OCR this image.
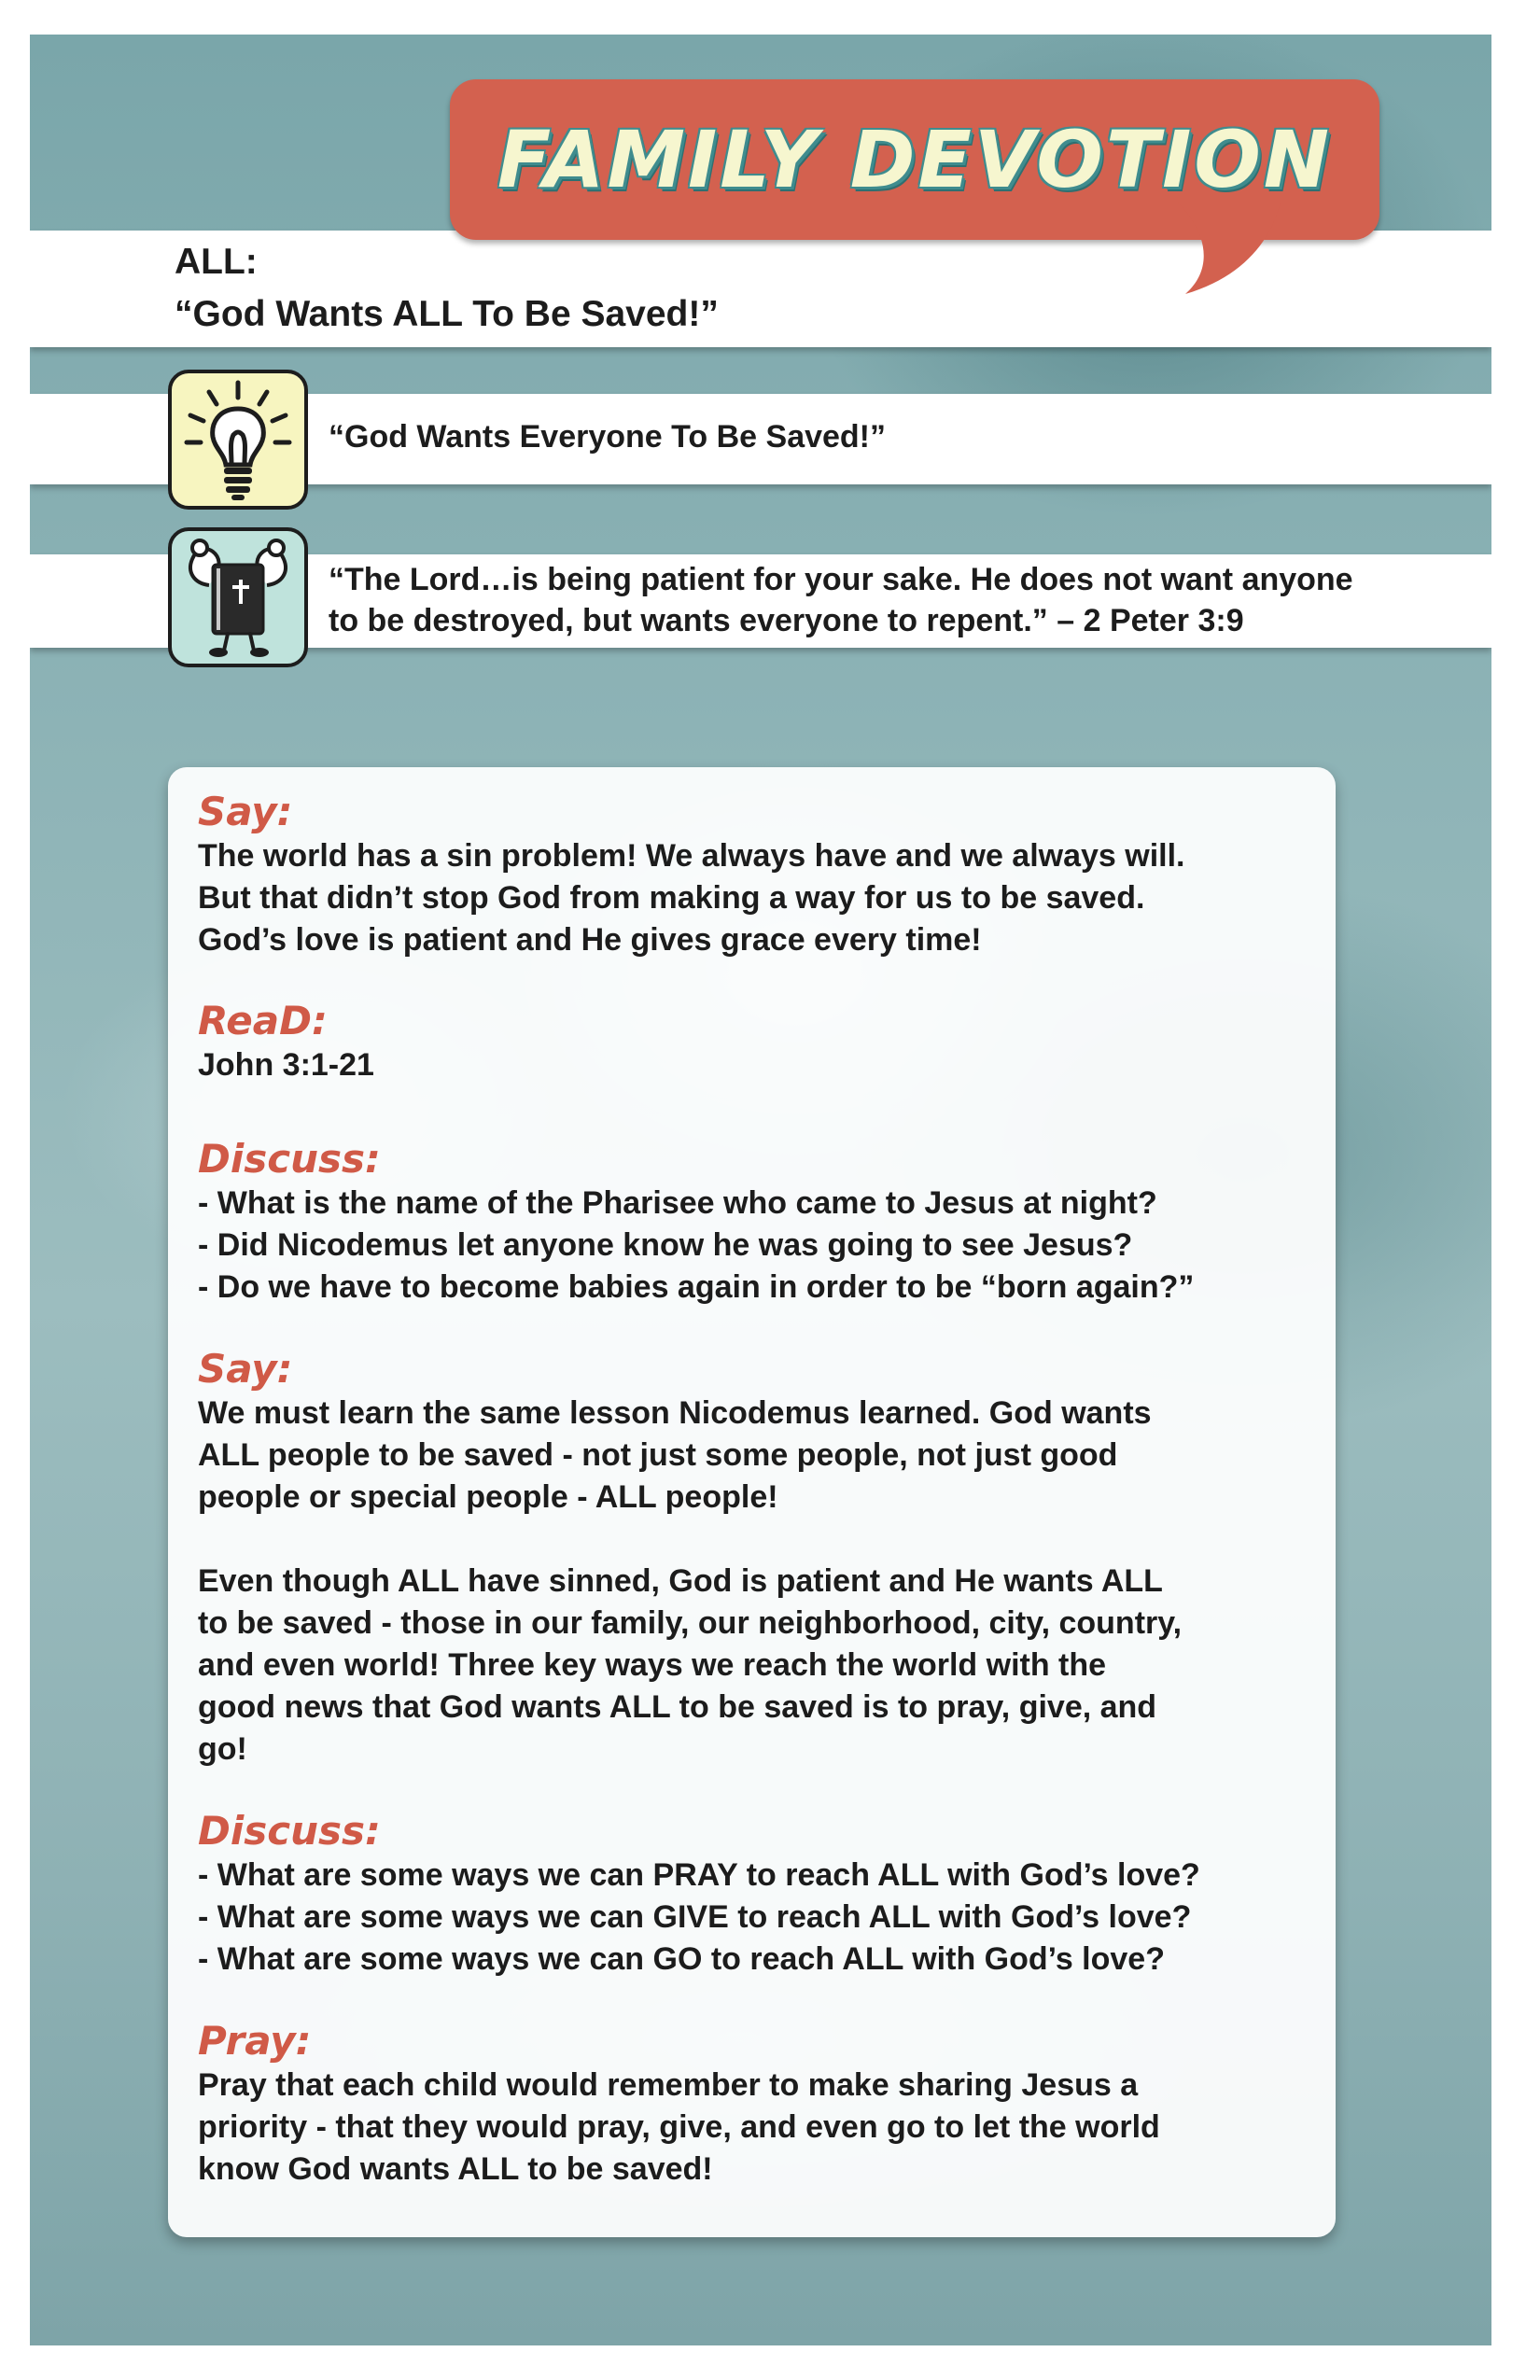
FAMILY DEVOTION
ALL:
“God Wants ALL To Be Saved!”
“God Wants Everyone To Be Saved!”
“The Lord…is being patient for your sake. He does not want anyone
to be destroyed, but wants everyone to repent.” – 2 Peter 3:9
Say:
The world has a sin problem! We always have and we always will.
But that didn’t stop God from making a way for us to be saved.
God’s love is patient and He gives grace every time!
ReaD:
John 3:1-21
Discuss:
- What is the name of the Pharisee who came to Jesus at night?
- Did Nicodemus let anyone know he was going to see Jesus?
- Do we have to become babies again in order to be “born again?”
Say:
We must learn the same lesson Nicodemus learned. God wants
ALL people to be saved - not just some people, not just good
people or special people - ALL people!
Even though ALL have sinned, God is patient and He wants ALL
to be saved - those in our family, our neighborhood, city, country,
and even world! Three key ways we reach the world with the
good news that God wants ALL to be saved is to pray, give, and
go!
Discuss:
- What are some ways we can PRAY to reach ALL with God’s love?
- What are some ways we can GIVE to reach ALL with God’s love?
- What are some ways we can GO to reach ALL with God’s love?
Pray:
Pray that each child would remember to make sharing Jesus a
priority - that they would pray, give, and even go to let the world
know God wants ALL to be saved!
